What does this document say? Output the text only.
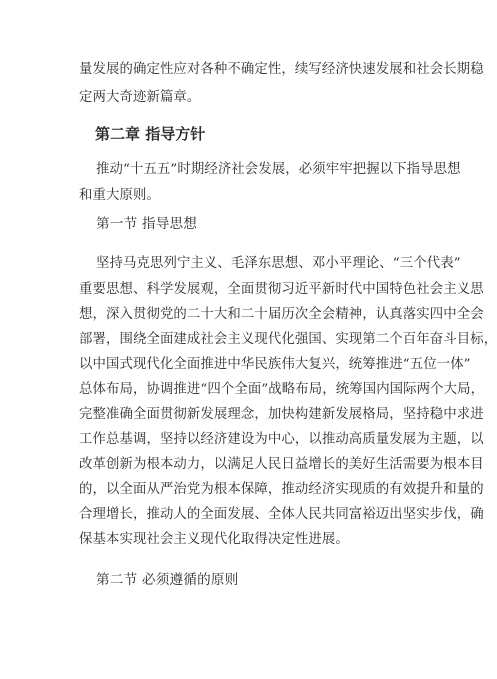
量发展的确定性应对各种不确定性，续写经济快速发展和社会长期稳
定两大奇迹新篇章。
第二章 指导方针
推动“十五五”时期经济社会发展，必须牢牢把握以下指导思想
和重大原则。
第一节 指导思想
坚持马克思列宁主义、毛泽东思想、邓小平理论、“三个代表”
重要思想、科学发展观，全面贯彻习近平新时代中国特色社会主义思
想，深入贯彻党的二十大和二十届历次全会精神，认真落实四中全会
部署，围绕全面建成社会主义现代化强国、实现第二个百年奋斗目标，
以中国式现代化全面推进中华民族伟大复兴，统筹推进“五位一体”
总体布局，协调推进“四个全面”战略布局，统筹国内国际两个大局，
完整准确全面贯彻新发展理念，加快构建新发展格局，坚持稳中求进
工作总基调，坚持以经济建设为中心，以推动高质量发展为主题，以
改革创新为根本动力，以满足人民日益增长的美好生活需要为根本目
的，以全面从严治党为根本保障，推动经济实现质的有效提升和量的
合理增长，推动人的全面发展、全体人民共同富裕迈出坚实步伐，确
保基本实现社会主义现代化取得决定性进展。
第二节 必须遵循的原则
